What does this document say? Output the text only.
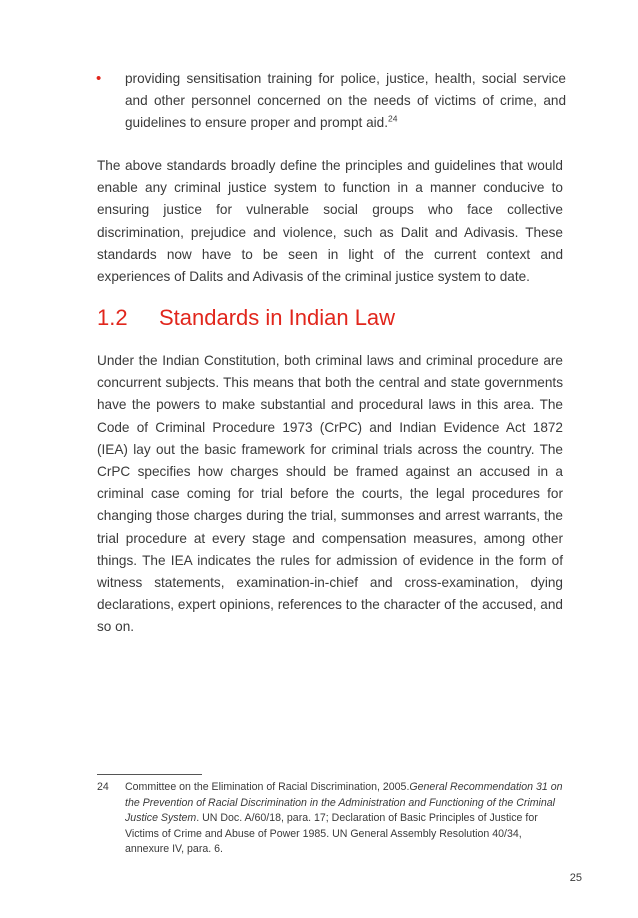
• providing sensitisation training for police, justice, health, social service and other personnel concerned on the needs of victims of crime, and guidelines to ensure proper and prompt aid.$^{24}$

The above standards broadly define the principles and guidelines that would enable any criminal justice system to function in a manner conducive to ensuring justice for vulnerable social groups who face collective discrimination, prejudice and violence, such as Dalit and Adivasis. These standards now have to be seen in light of the current context and experiences of Dalits and Adivasis of the criminal justice system to date.

1.2 Standards in Indian Law

Under the Indian Constitution, both criminal laws and criminal procedure are concurrent subjects. This means that both the central and state governments have the powers to make substantial and procedural laws in this area. The Code of Criminal Procedure 1973 (CrPC) and Indian Evidence Act 1872 (IEA) lay out the basic framework for criminal trials across the country. The CrPC specifies how charges should be framed against an accused in a criminal case coming for trial before the courts, the legal procedures for changing those charges during the trial, summonses and arrest warrants, the trial procedure at every stage and compensation measures, among other things. The IEA indicates the rules for admission of evidence in the form of witness statements, examination-in-chief and cross-examination, dying declarations, expert opinions, references to the character of the accused, and so on.

24 Committee on the Elimination of Racial Discrimination, 2005.General Recommendation 31 on the Prevention of Racial Discrimination in the Administration and Functioning of the Criminal Justice System. UN Doc. A/60/18, para. 17; Declaration of Basic Principles of Justice for Victims of Crime and Abuse of Power 1985. UN General Assembly Resolution 40/34, annexure IV, para. 6.
25
